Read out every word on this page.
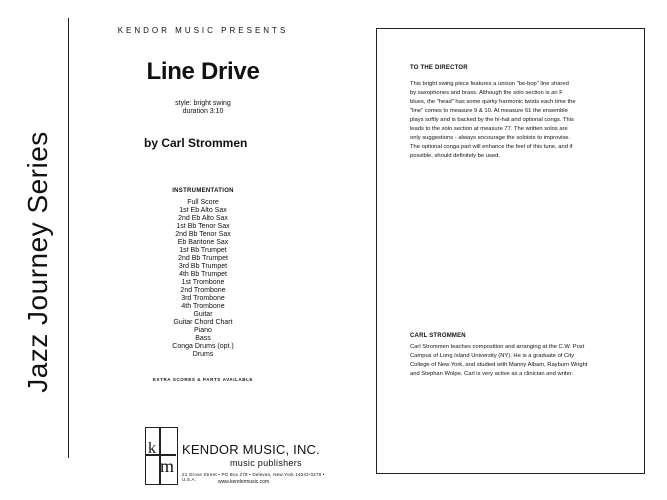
Jazz Journey Series
KENDOR MUSIC PRESENTS
Line Drive
style: bright swing
duration 3:10
by Carl Strommen
INSTRUMENTATION
Full Score
1st Eb Alto Sax
2nd Eb Alto Sax
1st Bb Tenor Sax
2nd Bb Tenor Sax
Eb Baritone Sax
1st Bb Trumpet
2nd Bb Trumpet
3rd Bb Trumpet
4th Bb Trumpet
1st Trombone
2nd Trombone
3rd Trombone
4th Trombone
Guitar
Guitar Chord Chart
Piano
Bass
Conga Drums (opt.)
Drums
EXTRA SCORES & PARTS AVAILABLE
k
m
KENDOR MUSIC, INC.
music publishers
21 Grove Street • PO Box 278 • Delevan, New York 14042-0278 • U.S.A.	www.kendormusic.com
TO THE DIRECTOR
This bright swing piece features a unison "be-bop" line shared
by saxophones and brass. Although the solo section is an F
blues, the "head" has some quirky harmonic twists each time the
"line" comes to measure 9 & 10. At measure 61 the ensemble
plays softly and is backed by the hi-hat and optional congs. This
leads to the solo section at measure 77. The written solos are
only suggestions - always encourage the soloists to improvise.
The optional conga part will enhance the feel of this tune, and if
possible, should definitely be used.
CARL STROMMEN
Carl Strommen teaches composition and arranging at the C.W. Post
Campus of Long Island University (NY). He is a graduate of City
College of New York, and studied with Manny Albam, Rayburn Wright
and Stephan Wolpe. Carl is very active as a clinician and writer.
